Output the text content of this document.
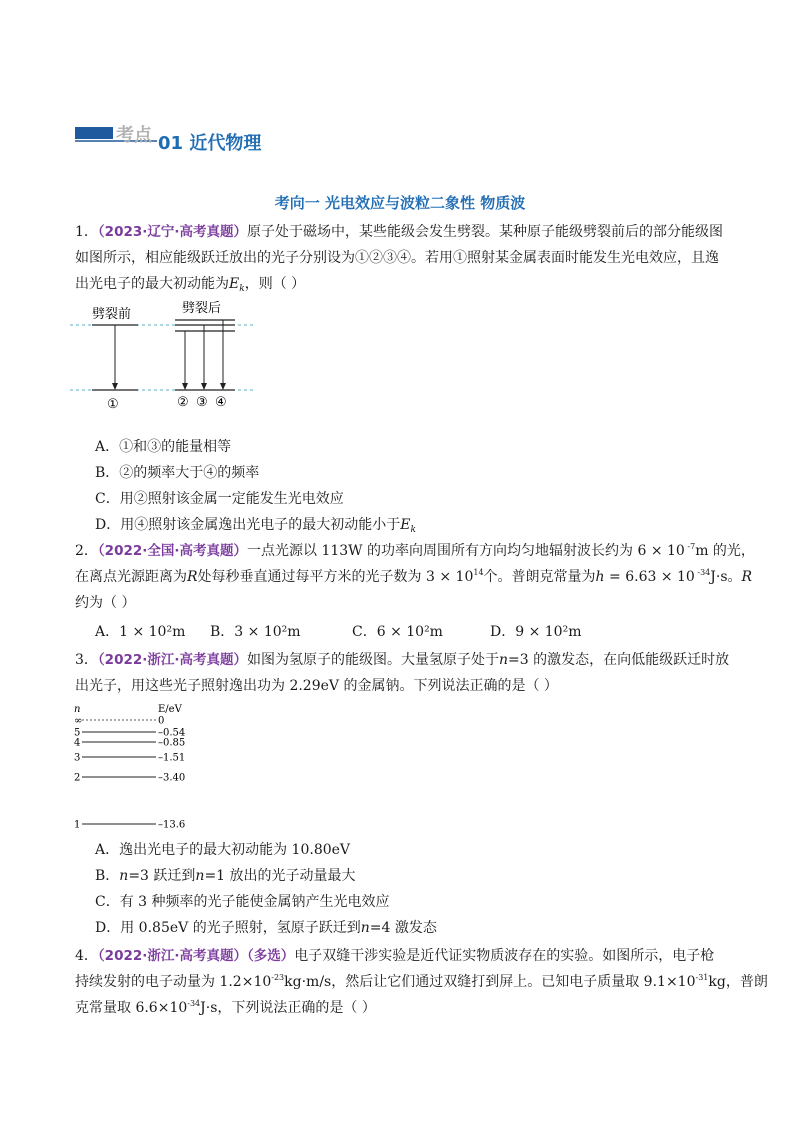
考点 01 近代物理
考向一 光电效应与波粒二象性 物质波
1．（2023·辽宁·高考真题）原子处于磁场中，某些能级会发生劈裂。某种原子能级劈裂前后的部分能级图
如图所示，相应能级跃迁放出的光子分别设为①②③④。若用①照射某金属表面时能发生光电效应，且逸
出光电子的最大初动能为$E_k$，则（ ）
劈裂前	劈裂后
①	② ③ ④
A．①和③的能量相等
B．②的频率大于④的频率
C．用②照射该金属一定能发生光电效应
D．用④照射该金属逸出光电子的最大初动能小于$E_k$
2．（2022·全国·高考真题）一点光源以 113W 的功率向周围所有方向均匀地辐射波长约为 6 × 10 $^{-7}$m 的光，
在离点光源距离为R处每秒垂直通过每平方米的光子数为 $3 \times 10^{14}$个。普朗克常量为h = 6.63 × 10 $^{-34}$J·s。R
约为（ ）
A．1 × 10²m B．3 × 10²m	C．6 × 10²m	D．9 × 10²m
3．（2022·浙江·高考真题）如图为氢原子的能级图。大量氢原子处于n=3 的激发态，在向低能级跃迁时放
出光子，用这些光子照射逸出功为 2.29eV 的金属钠。下列说法正确的是（ ）
n	E/eV
∞	0
5	–0.54
4	–0.85
3	–1.51
2	–3.40
1	–13.6
A．逸出光电子的最大初动能为 10.80eV
B．n=3 跃迁到n=1 放出的光子动量最大
C．有 3 种频率的光子能使金属钠产生光电效应
D．用 0.85eV 的光子照射，氢原子跃迁到n=4 激发态
4．（2022·浙江·高考真题）（多选）电子双缝干涉实验是近代证实物质波存在的实验。如图所示，电子枪
持续发射的电子动量为 $1.2\times 10^{-23}kg\cdot m/s$，然后让它们通过双缝打到屏上。已知电子质量取 $9.1\times 10^{-31}kg$，普朗
克常量取 $6.6\times 10^{-34}J\cdot s$，下列说法正确的是（ ）
